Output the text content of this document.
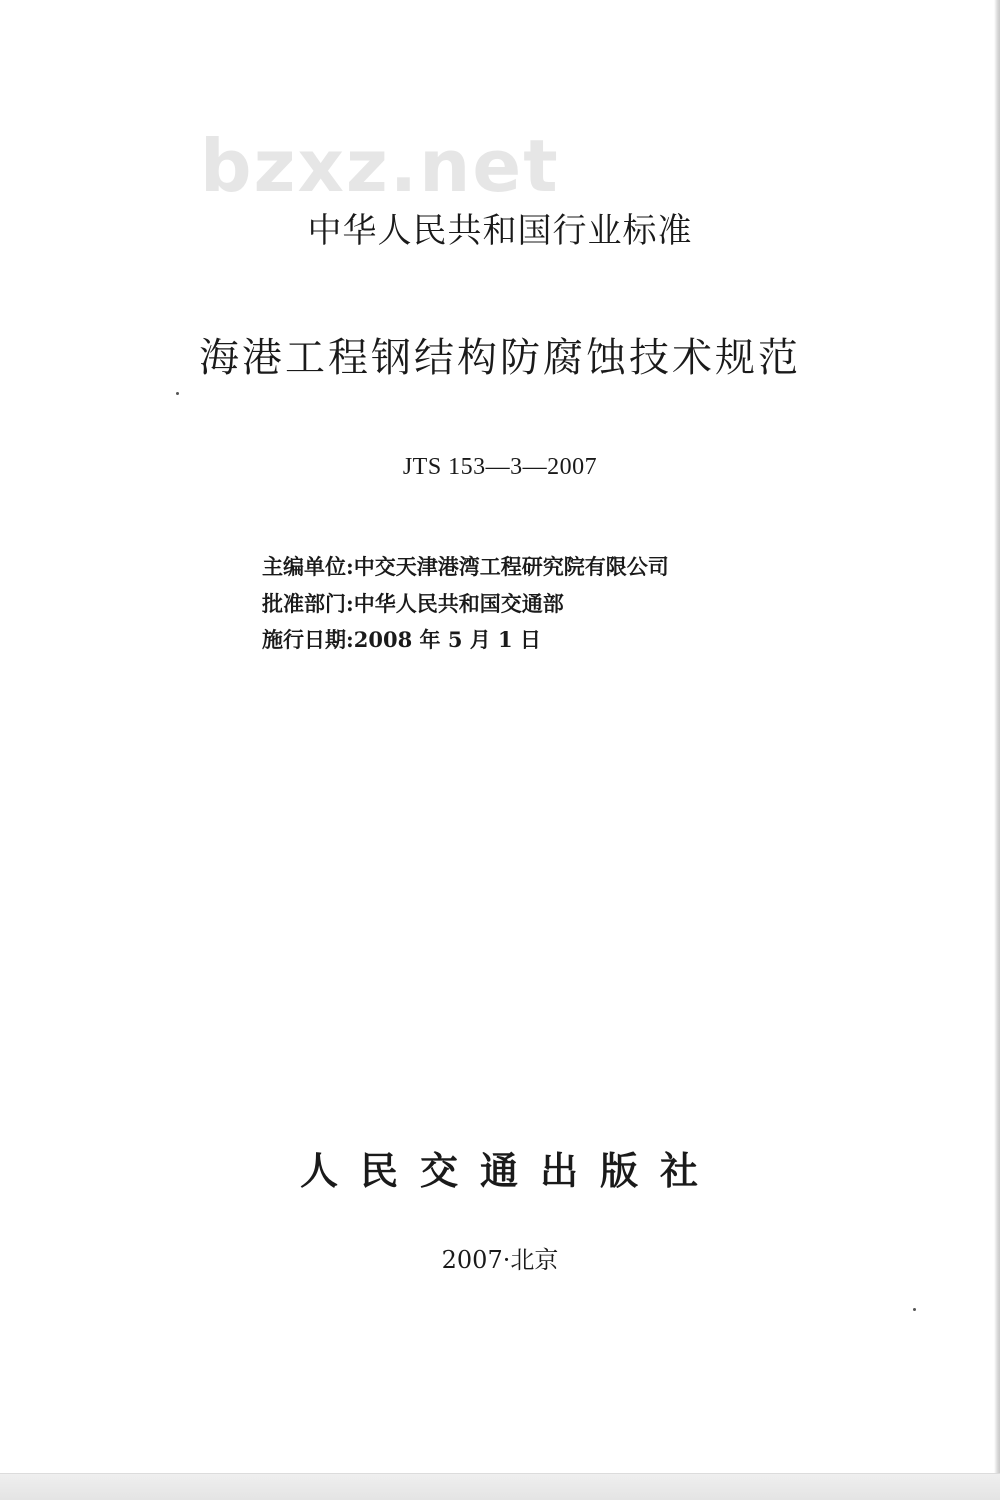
bzxz.net
中华人民共和国行业标准
海港工程钢结构防腐蚀技术规范
JTS 153—3—2007
主编单位:中交天津港湾工程研究院有限公司
批准部门:中华人民共和国交通部
施行日期:2008 年 5 月 1 日
人民交通出版社
2007·北京
